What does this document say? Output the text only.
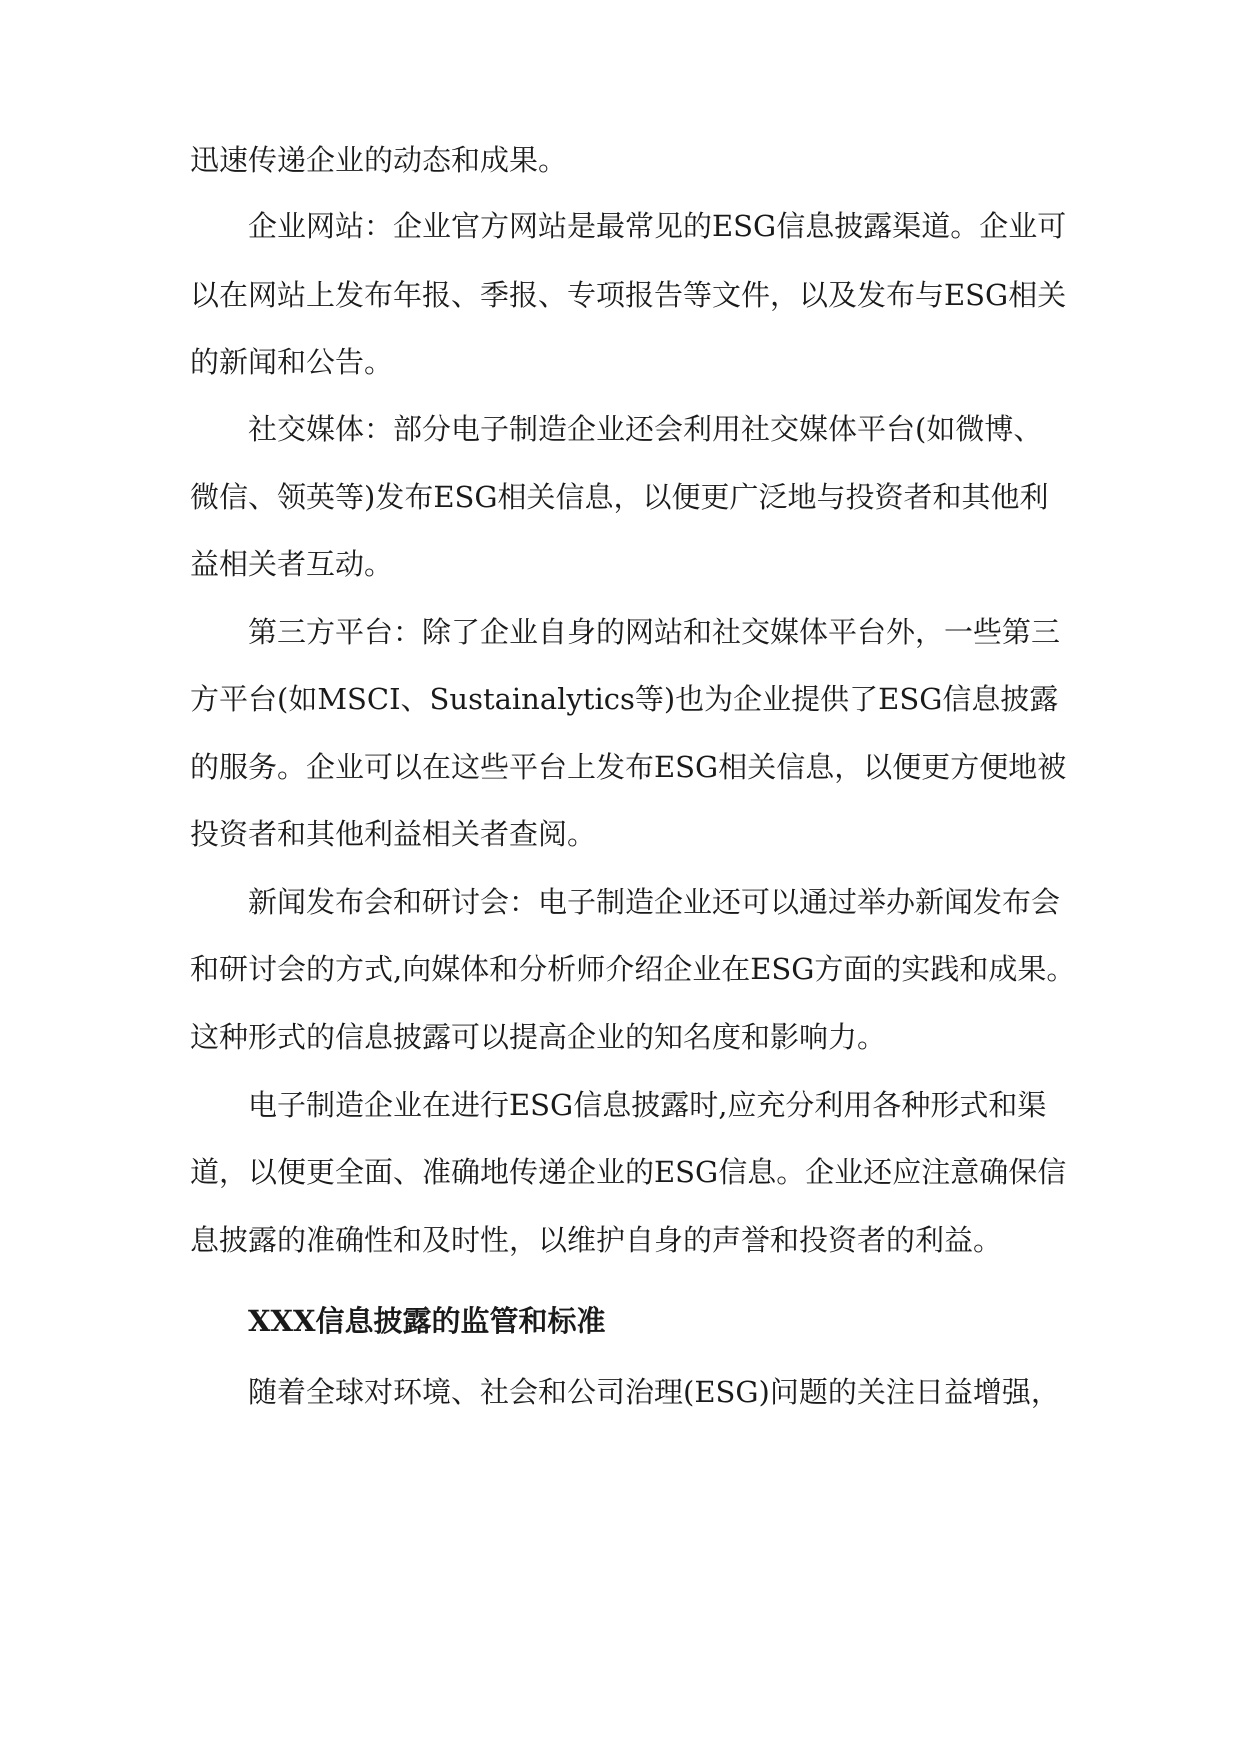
迅速传递企业的动态和成果。
企业网站：企业官方网站是最常见的ESG信息披露渠道。企业可
以在网站上发布年报、季报、专项报告等文件，以及发布与ESG相关
的新闻和公告。
社交媒体：部分电子制造企业还会利用社交媒体平台(如微博、
微信、领英等)发布ESG相关信息，以便更广泛地与投资者和其他利
益相关者互动。
第三方平台：除了企业自身的网站和社交媒体平台外，一些第三
方平台(如MSCI、Sustainalytics等)也为企业提供了ESG信息披露
的服务。企业可以在这些平台上发布ESG相关信息，以便更方便地被
投资者和其他利益相关者查阅。
新闻发布会和研讨会：电子制造企业还可以通过举办新闻发布会
和研讨会的方式,向媒体和分析师介绍企业在ESG方面的实践和成果。
这种形式的信息披露可以提高企业的知名度和影响力。
电子制造企业在进行ESG信息披露时,应充分利用各种形式和渠
道，以便更全面、准确地传递企业的ESG信息。企业还应注意确保信
息披露的准确性和及时性，以维护自身的声誉和投资者的利益。
XXX信息披露的监管和标准
随着全球对环境、社会和公司治理(ESG)问题的关注日益增强，
